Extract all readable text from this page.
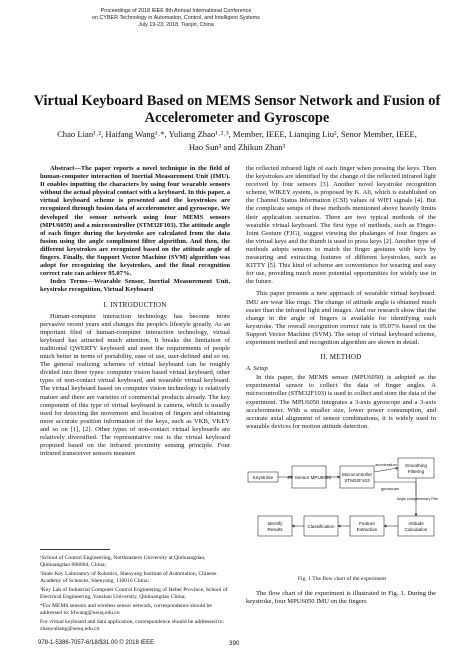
Proceedings of 2018 IEEE 8th Annual International Conference
on CYBER Technology in Automation, Control, and Intelligent Systems
July 19-23, 2018, Tianjin, China
Virtual Keyboard Based on MEMS Sensor Network and Fusion of
Accelerometer and Gyroscope
Chao Lian¹˒², Haifang Wang¹˒*, Yuliang Zhao¹˒²˒³, Member, IEEE, Lianqing Liu², Senor Member, IEEE,
Hao Sun³ and Zhikun Zhan³

Abstract—The paper reports a novel technique in the field of human-computer interaction of Inertial Measurement Unit (IMU). It enables inputting the characters by using four wearable sensors without the actual physical contact with a keyboard. In this paper, a virtual keyboard scheme is presented and the keystrokes are recognized through fusion data of accelerometer and gyroscope. We developed the sensor network using four MEMS sensors (MPU6050) and a microcontroller (STM32F103). The attitude angle of each finger during the keystroke are calculated from the data fusion using the angle compliment filter algorithm. And then, the different keystrokes are recognized based on the attitude angle of fingers. Finally, the Support Vector Machine (SVM) algorithm was adopt for recognizing the keystrokes, and the final recognition correct rate can achieve 95.07%.

Index Terms—Wearable Sensor, Inertial Measurement Unit, keystroke recognition, Virtual Keyboard

I. INTRODUCTION

Human-computer interaction technology has become more pervasive recent years and changes the people's lifestyle greatly. As an important filed of human-computer interaction technology, virtual keyboard has attracted much attention. It breaks the limitation of traditional QWERTY keyboard and meet the requirements of people much better in terms of portability, ease of use, user-defined and so on. The general realizing schemes of virtual keyboard can be roughly divided into three types: computer vision based virtual keyboard, other types of non-contact virtual keyboard, and wearable virtual keyboard. The virtual keyboard based on computer vision technology is relatively mature and there are varieties of commercial products already. The key component of this type of virtual keyboard is camera, which is usually used for detecting the movement and location of fingers and obtaining more accurate position information of the keys, such as VKB, VKEY and so on [1], [2]. Other types of non-contact virtual keyboards are relatively diversified. The representative one is the virtual keyboard proposed based on the infrared proximity sensing principle. Four infrared transceiver sensors measure

¹School of Control Engineering, Northeastern University at Qinhuangdao, Qinhuangdao 066004, China;

²State Key Laboratory of Robotics, Shenyang Institute of Automation, Chinese Academy of Sciences, Shenyang, 110016 China;

³Key Lab of Industrial Computer Control Engineering of Hebei Province, School of Electrical Engineering, Yanshan University, Qinhuangdao China;

*For MEMS sensors and wireless sensor network, correspondence should be addressed to: hfwang@neuq.edu.cn

For virtual keyboard and data application, correspondence should be addressed to: zhaoyuliang@neuq.edu.cn

the reflected infrared light of each finger when pressing the keys. Then the keystrokes are identified by the change of the reflected infrared light received by four sensors [3]. Another novel keystroke recognition scheme, WIKEY system, is proposed by K. Ali, which is established on the Channel Status Information (CSI) values of WIFI signals [4]. But the complicate setups of these methods mentioned above heavily limits their application scenarios. There are two typical methods of the wearable virtual keyboard. The first type of methods, such as Finger-Joint Gesture (FJG), suggest viewing the phalanges of four fingers as the virtual keys and the thumb is used to press keys [2]. Another type of methods adopts sensors to match the finger gestures with keys by measuring and extracting features of different keystrokes, such as KITTY [5]. This kind of scheme are convenience for wearing and easy for use, providing much more potential opportunities for widely use in the future.

This paper presents a new approach of wearable virtual keyboard. IMU are wear like rings. The change of attitude angle is obtained much easier than the infrared light and images. And our research show that the change in the angle of fingers is available for identifying each keystroke. The overall recognition correct rate is 95.07% based on the Support Vector Machine (SVM). The setup of virtual keyboard scheme, experiment method and recognition algorithm are shown in detail.

II. METHOD
A. Setup

In this paper, the MEMS sensor (MPU6050) is adopted as the experimental sensor to collect the data of finger angles. A microcontroller (STM32F103) is used to collect and store the data of the experiment. The MPU6050 integrates a 3-axis gyroscope and a 3-axis accelerometer. With a smaller size, lower power consumption, and accurate axial alignment of sensor combinations, it is widely used in wearable devices for motion attitude detection.

Keystroke	4 × Sensor MPU6050
Microcontroller
STM32F103
acceleration
gyroscope
Smoothing
Filtering
Angle complimentary Filter
Attitude
Calculation
Feature
Extraction
Classification
Identify
Results
Fig. 1 The flow chart of the experiment

The flow chart of the experiment is illustrated in Fig. 1. During the keystroke, four MPU6050 IMU on the fingers

978-1-5386-7057-6/18/$31.00 © 2018 IEEE	390
